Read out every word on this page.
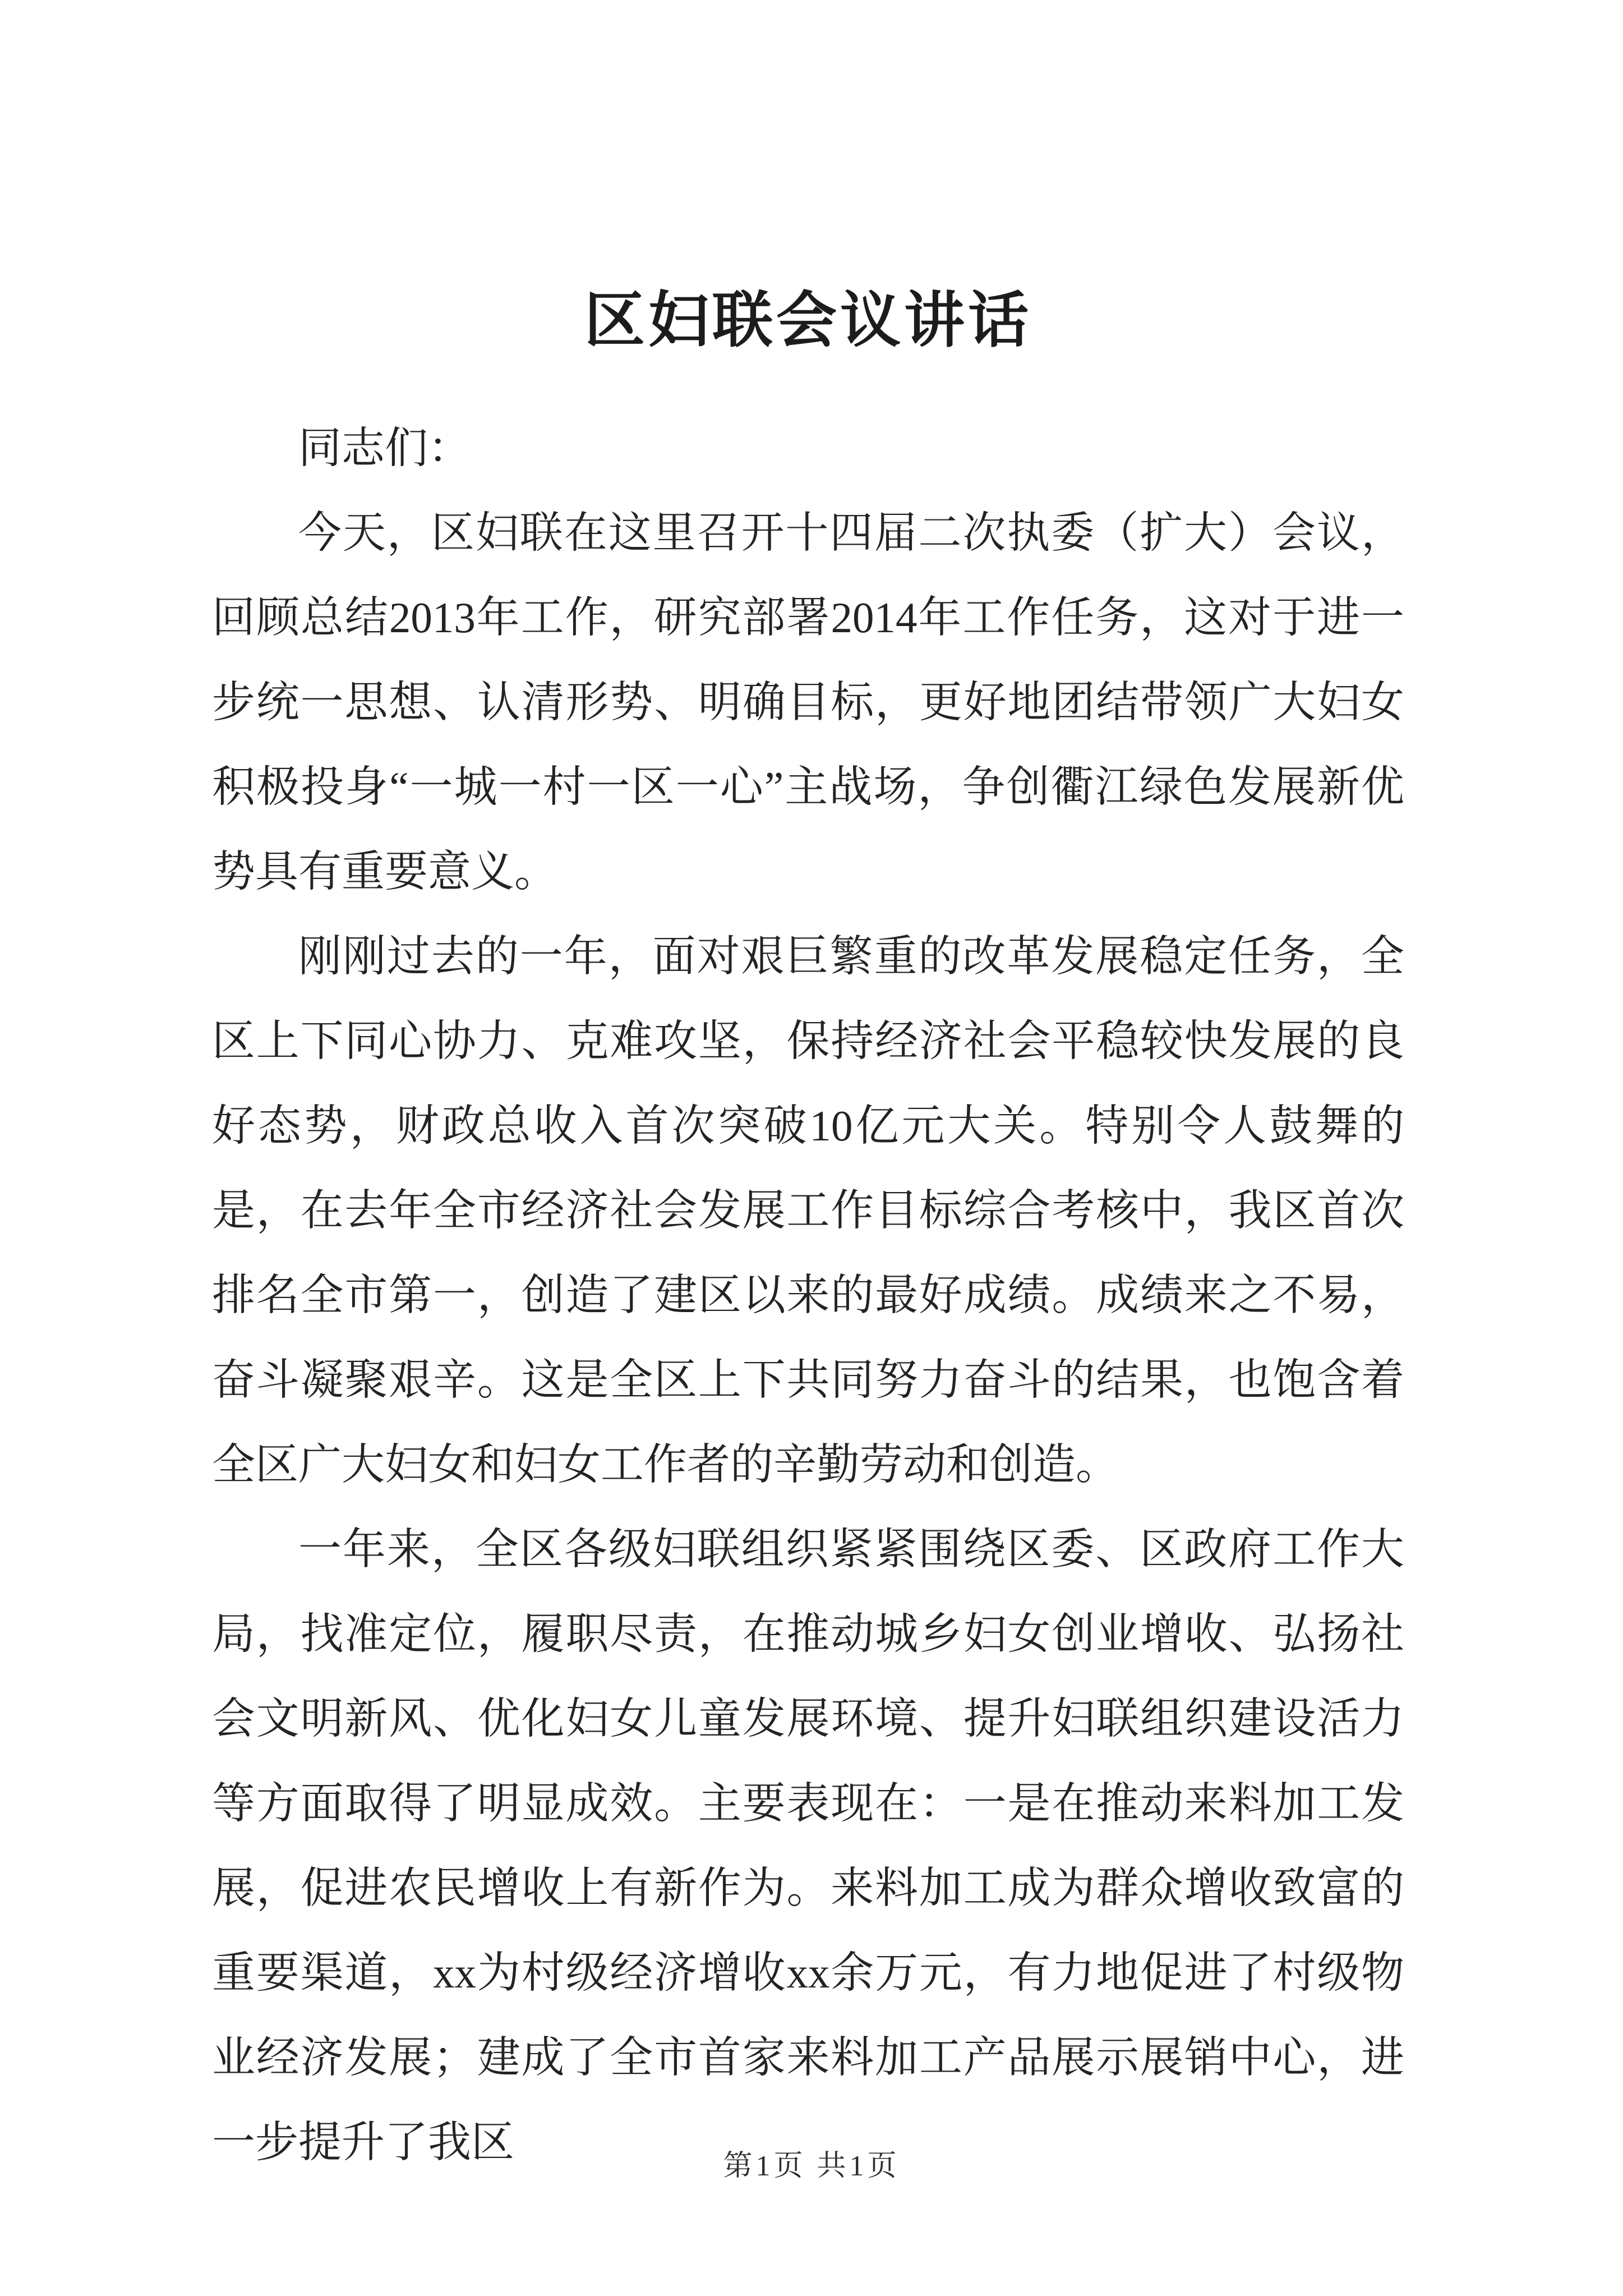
区妇联会议讲话

同志们：

今天，区妇联在这里召开十四届二次执委（扩大）会议，回顾总结2013年工作，研究部署2014年工作任务，这对于进一步统一思想、认清形势、明确目标，更好地团结带领广大妇女积极投身“一城一村一区一心”主战场，争创衢江绿色发展新优势具有重要意义。

刚刚过去的一年，面对艰巨繁重的改革发展稳定任务，全区上下同心协力、克难攻坚，保持经济社会平稳较快发展的良好态势，财政总收入首次突破10亿元大关。特别令人鼓舞的是，在去年全市经济社会发展工作目标综合考核中，我区首次排名全市第一，创造了建区以来的最好成绩。成绩来之不易，奋斗凝聚艰辛。这是全区上下共同努力奋斗的结果，也饱含着全区广大妇女和妇女工作者的辛勤劳动和创造。

一年来，全区各级妇联组织紧紧围绕区委、区政府工作大局，找准定位，履职尽责，在推动城乡妇女创业增收、弘扬社会文明新风、优化妇女儿童发展环境、提升妇联组织建设活力等方面取得了明显成效。主要表现在：一是在推动来料加工发展，促进农民增收上有新作为。来料加工成为群众增收致富的重要渠道，xx为村级经济增收xx余万元，有力地促进了村级物业经济发展；建成了全市首家来料加工产品展示展销中心，进一步提升了我区	第1页 共1页
